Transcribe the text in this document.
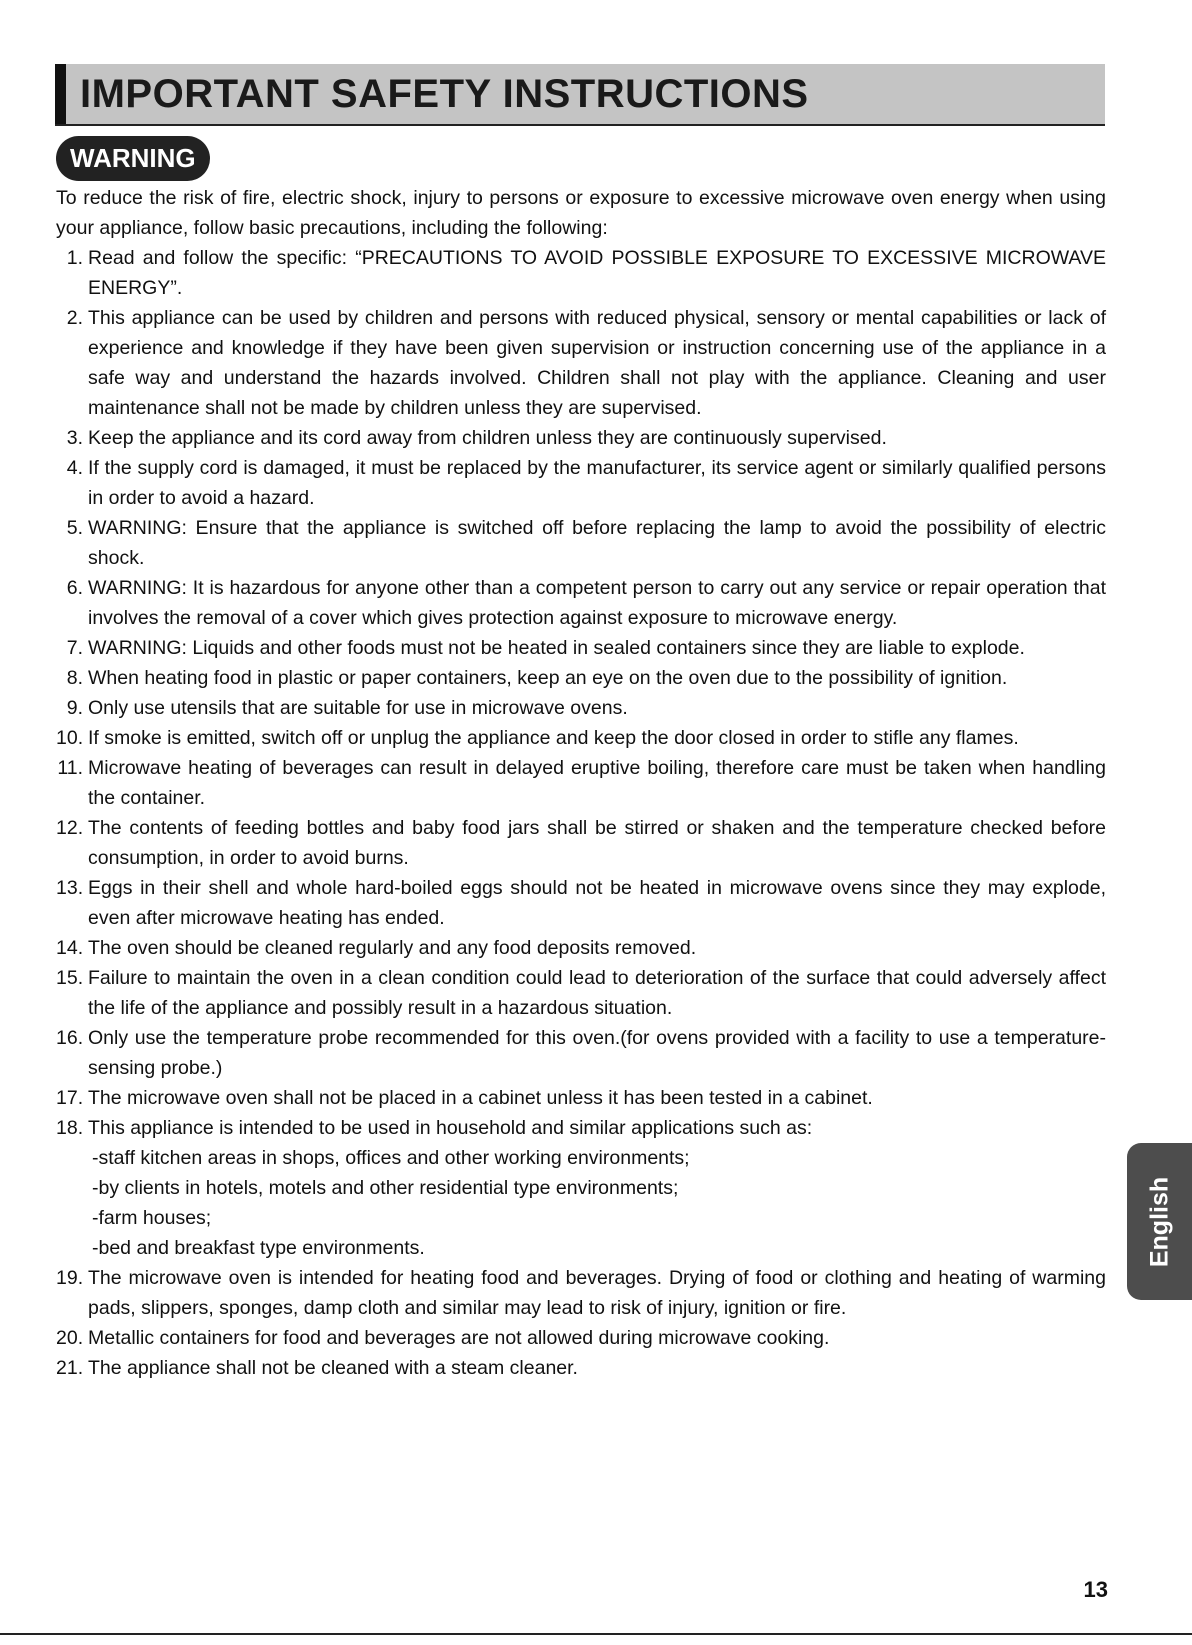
IMPORTANT SAFETY INSTRUCTIONS
WARNING

To reduce the risk of fire, electric shock, injury to persons or exposure to excessive microwave oven energy when using your appliance, follow basic precautions, including the following:

1. Read and follow the specific: “PRECAUTIONS TO AVOID POSSIBLE EXPOSURE TO EXCESSIVE MICROWAVE ENERGY”.
2. This appliance can be used by children and persons with reduced physical, sensory or mental capabilities or lack of experience and knowledge if they have been given supervision or instruction concerning use of the appliance in a safe way and understand the hazards involved. Children shall not play with the appliance. Cleaning and user maintenance shall not be made by children unless they are supervised.
3. Keep the appliance and its cord away from children unless they are continuously supervised.
4. If the supply cord is damaged, it must be replaced by the manufacturer, its service agent or similarly qualified persons in order to avoid a hazard.
5. WARNING: Ensure that the appliance is switched off before replacing the lamp to avoid the possibility of electric shock.
6. WARNING: It is hazardous for anyone other than a competent person to carry out any service or repair operation that involves the removal of a cover which gives protection against exposure to microwave energy.
7. WARNING: Liquids and other foods must not be heated in sealed containers since they are liable to explode.
8. When heating food in plastic or paper containers, keep an eye on the oven due to the possibility of ignition.
9. Only use utensils that are suitable for use in microwave ovens.
10. If smoke is emitted, switch off or unplug the appliance and keep the door closed in order to stifle any flames.
11. Microwave heating of beverages can result in delayed eruptive boiling, therefore care must be taken when handling the container.
12. The contents of feeding bottles and baby food jars shall be stirred or shaken and the temperature checked before consumption, in order to avoid burns.
13. Eggs in their shell and whole hard-boiled eggs should not be heated in microwave ovens since they may explode, even after microwave heating has ended.
14. The oven should be cleaned regularly and any food deposits removed.
15. Failure to maintain the oven in a clean condition could lead to deterioration of the surface that could adversely affect the life of the appliance and possibly result in a hazardous situation.
16. Only use the temperature probe recommended for this oven.(for ovens provided with a facility to use a temperature-sensing probe.)
17. The microwave oven shall not be placed in a cabinet unless it has been tested in a cabinet.
18. This appliance is intended to be used in household and similar applications such as:
-staff kitchen areas in shops, offices and other working environments;
-by clients in hotels, motels and other residential type environments;
-farm houses;
-bed and breakfast type environments.
19. The microwave oven is intended for heating food and beverages. Drying of food or clothing and heating of warming pads, slippers, sponges, damp cloth and similar may lead to risk of injury, ignition or fire.
20. Metallic containers for food and beverages are not allowed during microwave cooking.
21. The appliance shall not be cleaned with a steam cleaner.
English
13
